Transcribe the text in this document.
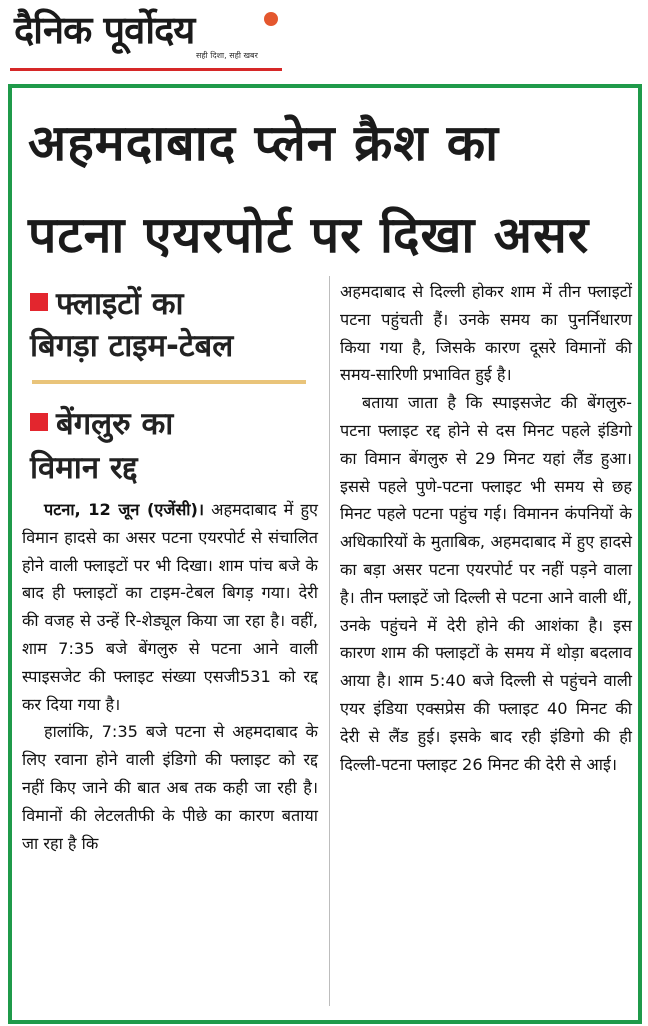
दैनिक पूर्वोदय
सही दिशा, सही खबर
अहमदाबाद प्लेन क्रैश का
पटना एयरपोर्ट पर दिखा असर
फ्लाइटों का
बिगड़ा टाइम-टेबल
बेंगलुरु का
विमान रद्द

पटना, 12 जून (एजेंसी)। अहमदाबाद में हुए विमान हादसे का असर पटना एयरपोर्ट से संचालित होने वाली फ्लाइटों पर भी दिखा। शाम पांच बजे के बाद ही फ्लाइटों का टाइम-टेबल बिगड़ गया। देरी की वजह से उन्हें रि-शेड्यूल किया जा रहा है। वहीं, शाम 7:35 बजे बेंगलुरु से पटना आने वाली स्पाइसजेट की फ्लाइट संख्या एसजी531 को रद्द कर दिया गया है।

हालांकि, 7:35 बजे पटना से अहमदाबाद के लिए रवाना होने वाली इंडिगो की फ्लाइट को रद्द नहीं किए जाने की बात अब तक कही जा रही है। विमानों की लेटलतीफी के पीछे का कारण बताया जा रहा है कि

अहमदाबाद से दिल्ली होकर शाम में तीन फ्लाइटों पटना पहुंचती हैं। उनके समय का पुनर्निधारण किया गया है, जिसके कारण दूसरे विमानों की समय-सारिणी प्रभावित हुई है।

बताया जाता है कि स्पाइसजेट की बेंगलुरु-पटना फ्लाइट रद्द होने से दस मिनट पहले इंडिगो का विमान बेंगलुरु से 29 मिनट यहां लैंड हुआ। इससे पहले पुणे-पटना फ्लाइट भी समय से छह मिनट पहले पटना पहुंच गई। विमानन कंपनियों के अधिकारियों के मुताबिक, अहमदाबाद में हुए हादसे का बड़ा असर पटना एयरपोर्ट पर नहीं पड़ने वाला है। तीन फ्लाइटें जो दिल्ली से पटना आने वाली थीं, उनके पहुंचने में देरी होने की आशंका है। इस कारण शाम की फ्लाइटों के समय में थोड़ा बदलाव आया है। शाम 5:40 बजे दिल्ली से पहुंचने वाली एयर इंडिया एक्सप्रेस की फ्लाइट 40 मिनट की देरी से लैंड हुई। इसके बाद रही इंडिगो की ही दिल्ली-पटना फ्लाइट 26 मिनट की देरी से आई।
